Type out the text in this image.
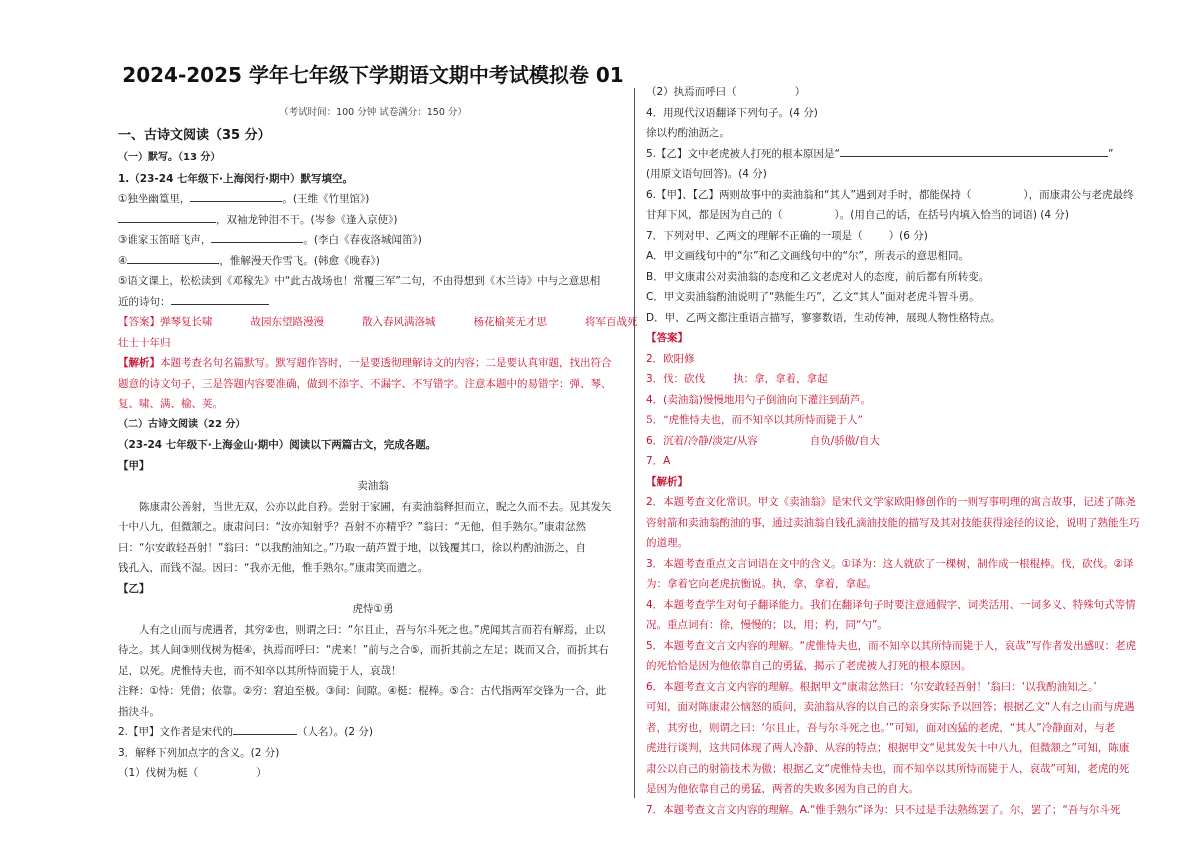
2024-2025 学年七年级下学期语文期中考试模拟卷 01
（考试时间：100 分钟 试卷满分：150 分）
一、古诗文阅读（35 分）
（一）默写。（13 分）
1.（23-24 七年级下·上海闵行·期中）默写填空。
①独坐幽篁里，	。(王维《竹里馆》)
，双袖龙钟泪不干。(岑参《逢入京使》)
③谁家玉笛暗飞声，	。(李白《春夜洛城闻笛》)
④	，惟解漫天作雪飞。(韩愈《晚春》)
⑤语文课上，松松读到《邓稼先》中“此古战场也！常覆三军”二句，不由得想到《木兰诗》中与之意思相
近的诗句：
【答案】弹琴复长啸	故园东望路漫漫	散入春风满洛城	杨花榆荚无才思	将军百战死
壮士十年归
【解析】本题考查名句名篇默写。默写题作答时，一是要透彻理解诗文的内容；二是要认真审题，找出符合
题意的诗文句子，三是答题内容要准确，做到不添字、不漏字、不写错字。注意本题中的易错字：弹、琴、
复、啸、满、榆、荚。
（二）古诗文阅读（22 分）
（23-24 七年级下·上海金山·期中）阅读以下两篇古文，完成各题。
【甲】
卖油翁
陈康肃公善射，当世无双，公亦以此自矜。尝射于家圃，有卖油翁释担而立，睨之久而不去。见其发矢
十中八九，但微颔之。康肃问曰：“汝亦知射乎？吾射不亦精乎？”翁曰：“无他，但手熟尔。”康肃忿然
曰：“尔安敢轻吾射！”翁曰：“以我酌油知之。”乃取一葫芦置于地，以钱覆其口，徐以杓酌油沥之，自
钱孔入，而钱不湿。因曰：“我亦无他，惟手熟尔。”康肃笑而遣之。
【乙】
虎恃①勇
人有之山而与虎遇者，其穷②也，则谓之曰：“尔且止，吾与尔斗死之也。”虎闻其言而若有解焉，止以
待之。其人间③则伐树为梃④，执焉而呼曰：“虎来！”前与之合⑤，而折其前之左足；既而又合，而折其右
足，以死。虎惟恃夫也，而不知卒以其所恃而毙于人，哀哉！
注释：①恃：凭借；依靠。②穷：窘迫至极。③间：间隙。④梃：棍棒。⑤合：古代指两军交锋为一合，此
指決斗。
2.【甲】文作者是宋代的	（人名）。(2 分)
3．解释下列加点字的含义。(2 分)
（1）伐树为梃（	）
（2）执焉而呼曰（	）
4．用现代汉语翻译下列句子。(4 分)
徐以杓酌油沥之。
5.【乙】文中老虎被人打死的根本原因是“	”
(用原文语句回答)。(4 分)
6.【甲】、【乙】两则故事中的卖油翁和“其人”遇到对手时，都能保持（	），而康肃公与老虎最终
甘拜下风，都是因为自己的（	）。(用自己的话，在括号内填入恰当的词语) (4 分)
7．下列对甲、乙两文的理解不正确的一项是（ ）(6 分)
A．甲文画线句中的“尔”和乙文画线句中的“尔”，所表示的意思相同。
B．甲文康肃公对卖油翁的态度和乙文老虎对人的态度，前后都有所转变。
C．甲文卖油翁酌油说明了“熟能生巧”，乙文“其人”面对老虎斗智斗勇。
D．甲、乙两文都注重语言描写，寥寥数语，生动传神，展现人物性格特点。
【答案】
2．欧阳修
3．伐：砍伐	执：拿，拿着，拿起
4．(卖油翁)慢慢地用勺子倒油向下灌注到葫芦。
5．“虎惟恃夫也，而不知卒以其所恃而毙于人”
6．沉着/冷静/淡定/从容	自负/骄傲/自大
7．A
【解析】
2．本题考查文化常识。甲文《卖油翁》是宋代文学家欧阳修创作的一则写事明理的寓言故事，记述了陈尧
咨射箭和卖油翁酌油的事，通过卖油翁自钱孔滴油技能的描写及其对技能获得途径的议论，说明了熟能生巧
的道理。
3．本题考查重点文言词语在文中的含义。①译为：这人就砍了一棵树，制作成一根棍棒。伐，砍伐。②译
为：拿着它向老虎抗衡说。执，拿，拿着，拿起。
4．本题考查学生对句子翻译能力。我们在翻译句子时要注意通假字、词类活用、一词多义、特殊句式等情
况。重点词有：徐，慢慢的；以，用；杓，同“勺”。
5．本题考查文言文内容的理解。“虎惟恃夫也，而不知卒以其所恃而毙于人，哀哉”写作者发出感叹：老虎
的死恰恰是因为他依靠自己的勇猛，揭示了老虎被人打死的根本原因。
6．本题考查文言文内容的理解。根据甲文“康肃忿然曰：‘尔安敢轻吾射！’翁曰：‘以我酌油知之。’
可知，面对陈康肃公恼怒的质问，卖油翁从容的以自己的亲身实际予以回答；根据乙文“人有之山而与虎遇
者，其穷也，则谓之曰：‘尔且止，吾与尔斗死之也。’”可知，面对凶猛的老虎，“其人”冷静面对，与老
虎进行谈判，这共同体现了两人冷静、从容的特点；根据甲文“见其发矢十中八九，但微颔之”可知，陈康
肃公以自己的射箭技术为傲；根据乙文“虎惟恃夫也，而不知卒以其所恃而毙于人，哀哉”可知，老虎的死
是因为他依靠自己的勇猛，两者的失败多因为自己的自大。
7．本题考查文言文内容的理解。A.“惟手熟尔”译为：只不过是手法熟练罢了。尔，罢了；“吾与尔斗死
